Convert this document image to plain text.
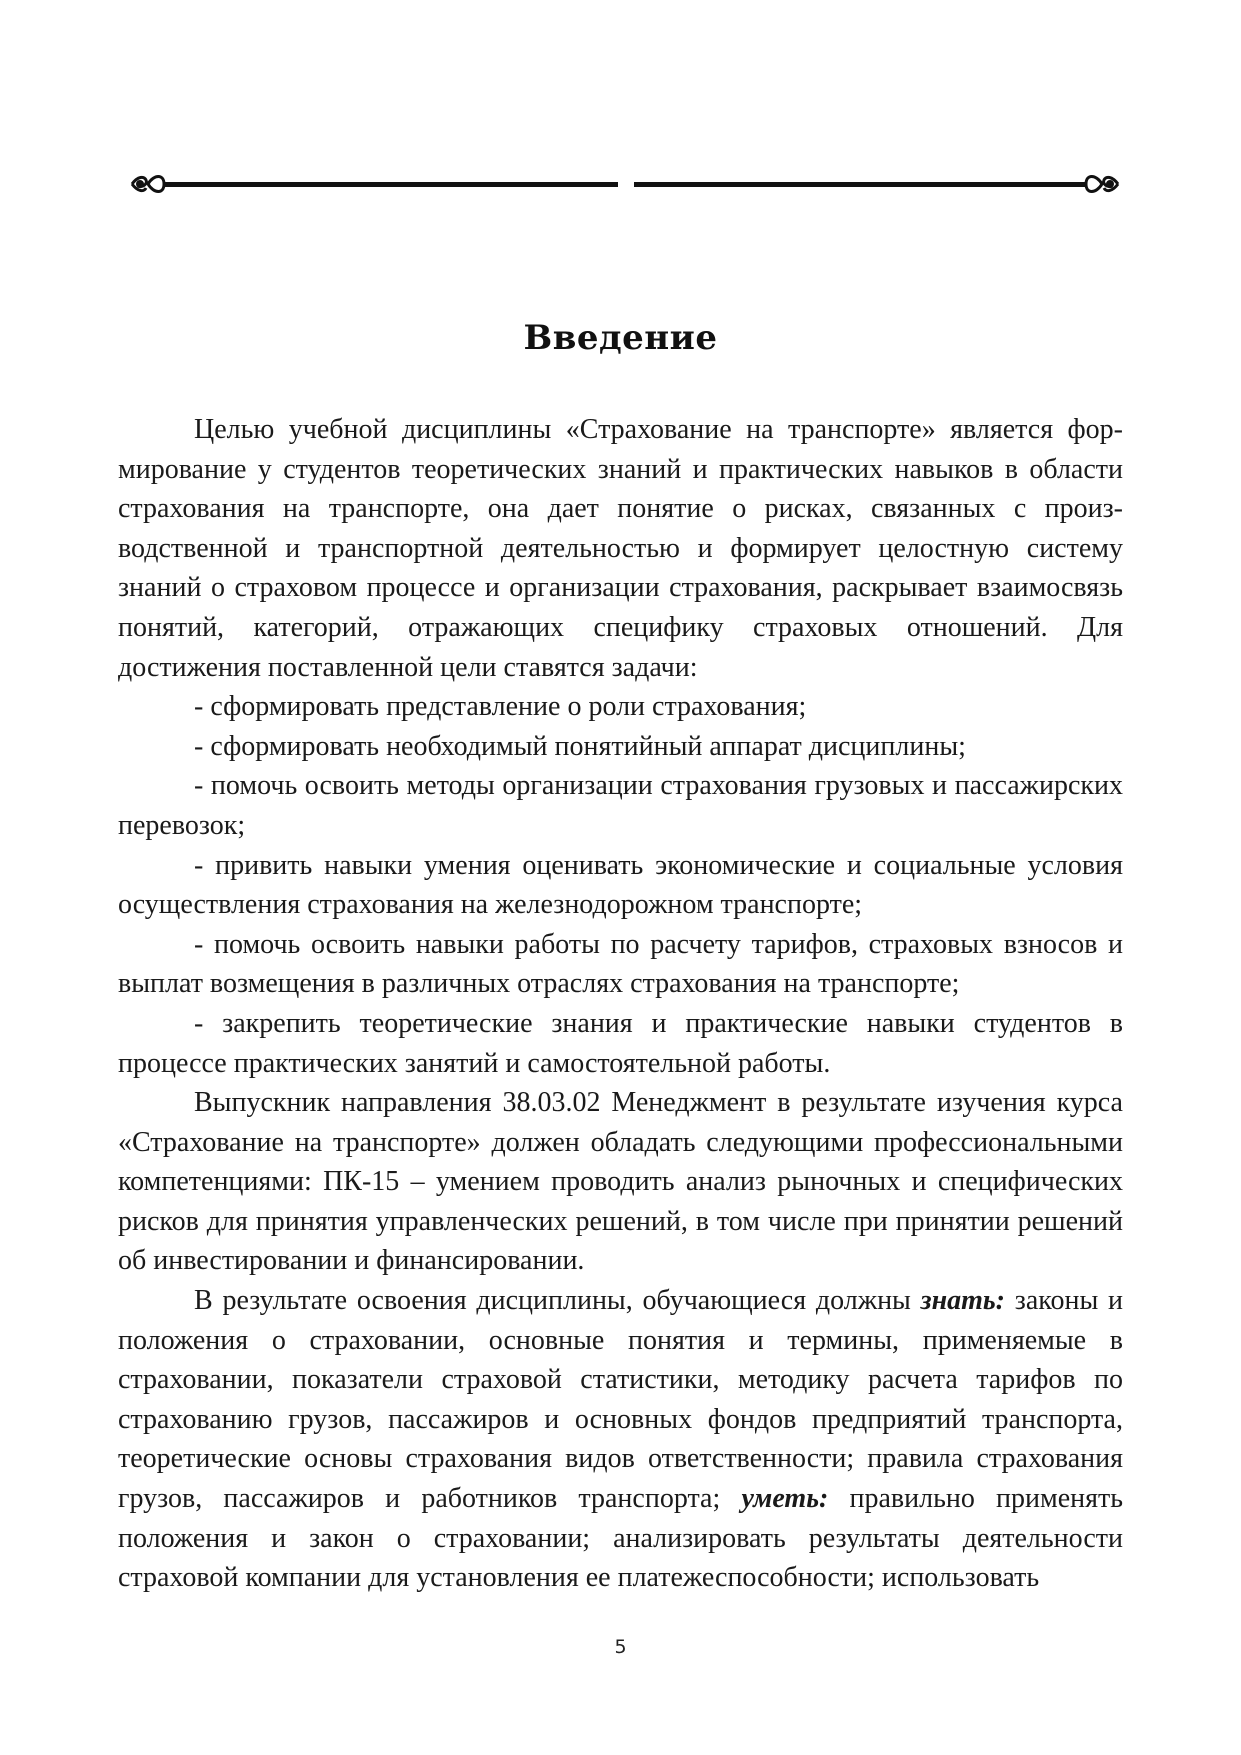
Введение

Целью учебной дисциплины «Страхование на транспорте» является формирование у студентов теоретических знаний и практических навыков в области страхования на транспорте, она дает понятие о рисках, связанных с производственной и транспортной деятельностью и формирует целостную систему знаний о страховом процессе и организации страхования, раскрывает взаимосвязь понятий, категорий, отражающих специфику страховых отношений. Для достижения поставленной цели ставятся задачи:

- сформировать представление о роли страхования;

- сформировать необходимый понятийный аппарат дисциплины;

- помочь освоить методы организации страхования грузовых и пассажирских перевозок;

- привить навыки умения оценивать экономические и социальные условия осуществления страхования на железнодорожном транспорте;

- помочь освоить навыки работы по расчету тарифов, страховых взносов и выплат возмещения в различных отраслях страхования на транспорте;

- закрепить теоретические знания и практические навыки студентов в процессе практических занятий и самостоятельной работы.

Выпускник направления 38.03.02 Менеджмент в результате изучения курса «Страхование на транспорте» должен обладать следующими профессиональными компетенциями: ПК-15 – умением проводить анализ рыночных и специфических рисков для принятия управленческих решений, в том числе при принятии решений об инвестировании и финансировании.

В результате освоения дисциплины, обучающиеся должны знать: законы и положения о страховании, основные понятия и термины, применяемые в страховании, показатели страховой статистики, методику расчета тарифов по страхованию грузов, пассажиров и основных фондов предприятий транспорта, теоретические основы страхования видов ответственности; правила страхования грузов, пассажиров и работников транспорта; уметь: правильно применять положения и закон о страховании; анализировать результаты деятельности страховой компании для установления ее платежеспособности; использовать

5
